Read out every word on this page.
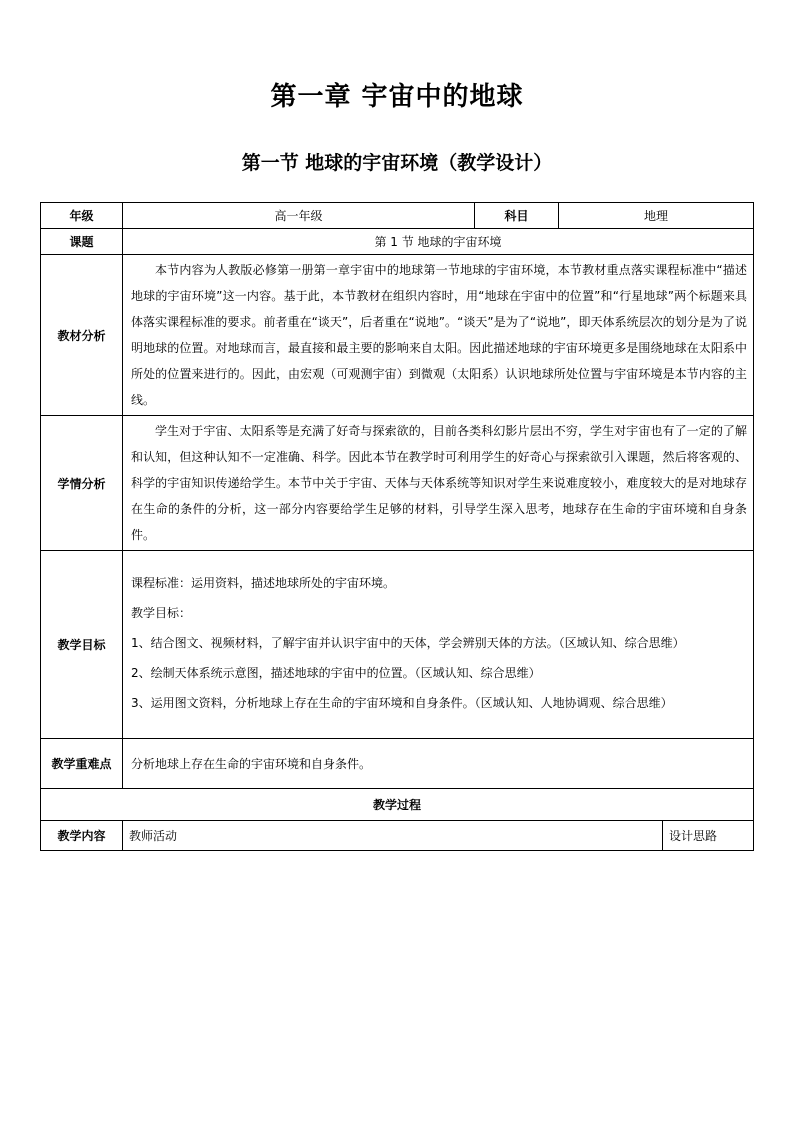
第一章 宇宙中的地球
第一节 地球的宇宙环境（教学设计）
年级	高一年级	科目	地理	
课题	第 1 节 地球的宇宙环境			
教材分析	本节内容为人教版必修第一册第一章宇宙中的地球第一节地球的宇宙环境，本节教材重点落实课程标准中“描述地球的宇宙环境”这一内容。基于此，本节教材在组织内容时，用“地球在宇宙中的位置”和“行星地球”两个标题来具体落实课程标准的要求。前者重在“谈天”，后者重在“说地”。“谈天”是为了“说地”，即天体系统层次的划分是为了说明地球的位置。对地球而言，最直接和最主要的影响来自太阳。因此描述地球的宇宙环境更多是围绕地球在太阳系中所处的位置来进行的。因此，由宏观（可观测宇宙）到微观（太阳系）认识地球所处位置与宇宙环境是本节内容的主线。			
学情分析	学生对于宇宙、太阳系等是充满了好奇与探索欲的，目前各类科幻影片层出不穷，学生对宇宙也有了一定的了解和认知，但这种认知不一定准确、科学。因此本节在教学时可利用学生的好奇心与探索欲引入课题，然后将客观的、科学的宇宙知识传递给学生。本节中关于宇宙、天体与天体系统等知识对学生来说难度较小，难度较大的是对地球存在生命的条件的分析，这一部分内容要给学生足够的材料，引导学生深入思考，地球存在生命的宇宙环境和自身条件。			
教学目标	课程标准：运用资料，描述地球所处的宇宙环境。

教学目标：

1、结合图文、视频材料，了解宇宙并认识宇宙中的天体，学会辨别天体的方法。（区域认知、综合思维）

2、绘制天体系统示意图，描述地球的宇宙中的位置。（区域认知、综合思维）

3、运用图文资料，分析地球上存在生命的宇宙环境和自身条件。（区域认知、人地协调观、综合思维）			

教学重难点	分析地球上存在生命的宇宙环境和自身条件。			
教学过程				
教学内容	教师活动			设计思路
